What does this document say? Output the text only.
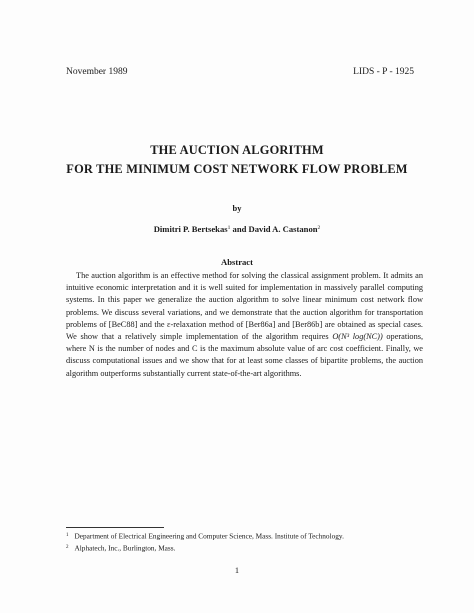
November 1989	LIDS - P - 1925
THE AUCTION ALGORITHM
FOR THE MINIMUM COST NETWORK FLOW PROBLEM
by
Dimitri P. Bertsekas$^1$ and David A. Castanon$^2$
Abstract

The auction algorithm is an effective method for solving the classical assignment problem. It admits an intuitive economic interpretation and it is well suited for implementation in massively parallel computing systems. In this paper we generalize the auction algorithm to solve linear minimum cost network flow problems. We discuss several variations, and we demonstrate that the auction algorithm for transportation problems of [BeC88] and the ε-relaxation method of [Ber86a] and [Ber86b] are obtained as special cases. We show that a relatively simple implementation of the algorithm requires O(N³ log(NC)) operations, where N is the number of nodes and C is the maximum absolute value of arc cost coefficient. Finally, we discuss computational issues and we show that for at least some classes of bipartite problems, the auction algorithm outperforms substantially current state-of-the-art algorithms.

$^1$ Department of Electrical Engineering and Computer Science, Mass. Institute of Technology.
$^2$ Alphatech, Inc., Burlington, Mass.
1
